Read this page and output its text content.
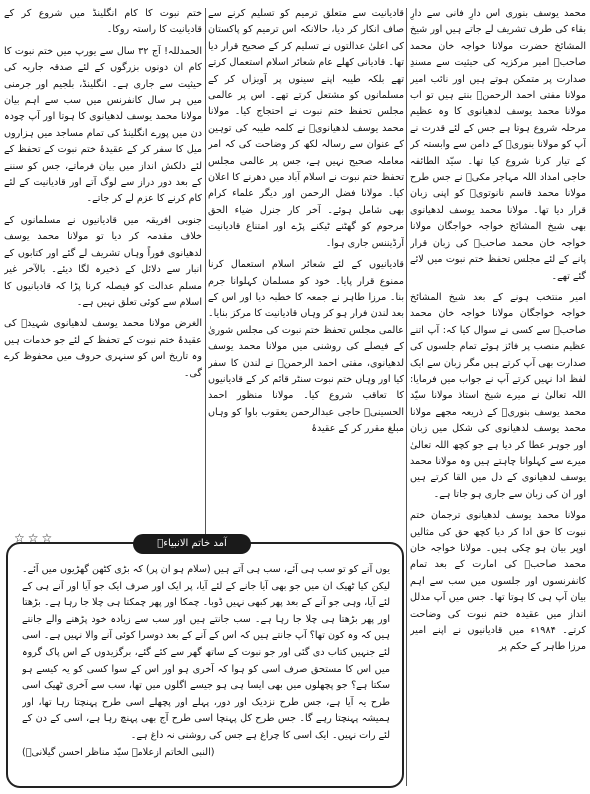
محمد یوسف بنوری اس دارِ فانی سے دارِ بقاء کی طرف تشریف لے جاتے ہیں اور شیخ المشائخ حضرت مولانا خواجہ خان محمد صاحبؒ امیر مرکزیہ کی حیثیت سے مسندِ صدارت پر متمکن ہوتے ہیں اور نائب امیر مولانا مفتی احمد الرحمنؒ بنتے ہیں تو اب مولانا محمد یوسف لدھیانوی کا وہ عظیم مرحلہ شروع ہوتا ہے جس کے لئے قدرت نے آپ کو مولانا بنوریؒ کے دامن سے وابستہ کر کے تیار کرنا شروع کیا تھا۔ سیّد الطائفہ حاجی امداد اللہ مہاجر مکیؒ نے جس طرح مولانا محمد قاسم نانوتویؒ کو اپنی زبان قرار دیا تھا۔ مولانا محمد یوسف لدھیانوی بھی شیخ المشائخ خواجہ خواجگان مولانا خواجہ خان محمد صاحبؒ کی زبان قرار پانے کے لئے مجلس تحفظ ختم نبوت میں لائے گئے تھے۔

امیر منتخب ہونے کے بعد شیخ المشائخ خواجہ خواجگان مولانا خواجہ خان محمد صاحبؒ سے کسی نے سوال کیا کہ: آپ اتنے عظیم منصب پر فائز ہوئے تمام جلسوں کی صدارت بھی آپ کرتے ہیں مگر زبان سے ایک لفظ ادا نہیں کرتے آپ نے جواب میں فرمایا: اللہ تعالیٰ نے میرے شیخ استاذ مولانا سیّد محمد یوسف بنوریؒ کے ذریعہ مجھے مولانا محمد یوسف لدھیانوی کی شکل میں زبان اور جوہر عطا کر دیا ہے جو کچھ اللہ تعالیٰ میرے سے کہلوانا چاہتے ہیں وہ مولانا محمد یوسف لدھیانوی کے دل میں القا کرتے ہیں اور ان کی زبان سے جاری ہو جاتا ہے۔

مولانا محمد یوسف لدھیانوی ترجمان ختم نبوت کا حق ادا کر دیا کچھ حق کی مثالیں اوپر بیان ہو چکی ہیں۔ مولانا خواجہ خان محمد صاحبؒ کی امارت کے بعد تمام کانفرنسوں اور جلسوں میں سب سے اہم بیان آپ ہی کا ہوتا تھا۔ جس میں آپ مدلل انداز میں عقیدہ ختم نبوت کی وضاحت کرتے۔ ۱۹۸۴ء میں قادیانیوں نے اپنے امیر مرزا طاہر کے حکم پر

قادیانیت سے متعلق ترمیم کو تسلیم کرنے سے صاف انکار کر دیا، حالانکہ اس ترمیم کو پاکستان کی اعلیٰ عدالتوں نے تسلیم کر کے صحیح قرار دیا تھا۔ قادیانی کھلے عام شعائر اسلام استعمال کرتے تھے بلکہ طیبہ اپنے سینوں پر آویزاں کر کے مسلمانوں کو مشتعل کرتے تھے۔ اس پر عالمی مجلس تحفظ ختم نبوت نے احتجاج کیا۔ مولانا محمد یوسف لدھیانویؒ نے کلمہ طیبہ کی توہین کے عنوان سے رسالہ لکھ کر وضاحت کی کہ امر معاملہ صحیح نہیں ہے، جس پر عالمی مجلس تحفظ ختم نبوت نے اسلام آباد میں دھرنے کا اعلان کیا۔ مولانا فضل الرحمن اور دیگر علماء کرام بھی شامل ہوئے۔ آخر کار جنرل ضیاء الحق مرحوم کو گھٹنے ٹیکنے پڑے اور امتناع قادیانیت آرڈیننس جاری ہوا۔

قادیانیوں کے لئے شعائر اسلام استعمال کرنا ممنوع قرار پایا۔ خود کو مسلمان کہلوانا جرم بنا۔ مرزا طاہر نے جمعہ کا خطبہ دیا اور اس کے بعد لندن فرار ہو کر وہاں قادیانیت کا مرکز بنایا۔ عالمی مجلس تحفظ ختم نبوت کی مجلس شوریٰ کے فیصلے کی روشنی میں مولانا محمد یوسف لدھیانوی، مفتی احمد الرحمنؒ نے لندن کا سفر کیا اور وہاں ختم نبوت سنٹر قائم کر کے قادیانیوں کا تعاقب شروع کیا۔ مولانا منظور احمد الحسینیؒ حاجی عبدالرحمن یعقوب باوا کو وہاں مبلغ مقرر کر کے عقیدۂ

ختم نبوت کا کام انگلینڈ میں شروع کر کے قادیانیت کا راستہ روکا۔

الحمدللہ! آج ۳۲ سال سے یورپ میں ختم نبوت کا کام ان دونوں بزرگوں کے لئے صدقہ جاریہ کی حیثیت سے جاری ہے۔ انگلینڈ، بلجیم اور جرمنی میں ہر سال کانفرنس میں سب سے اہم بیان مولانا محمد یوسف لدھیانوی کا ہوتا اور آپ چودہ دن میں پورے انگلینڈ کی تمام مساجد میں ہزاروں میل کا سفر کر کے عقیدۂ ختم نبوت کے تحفظ کے لئے دلکش انداز میں بیان فرماتے، جس کو سننے کے بعد دور دراز سے لوگ آتے اور قادیانیت کے لئے کام کرنے کا عزم لے کر جاتے۔

جنوبی افریقہ میں قادیانیوں نے مسلمانوں کے خلاف مقدمہ کر دیا تو مولانا محمد یوسف لدھیانوی فوراً وہاں تشریف لے گئے اور کتابوں کے انبار سے دلائل کے ذخیرہ لگا دیئے۔ بالآخر غیر مسلم عدالت کو فیصلہ کرنا پڑا کہ قادیانیوں کا اسلام سے کوئی تعلق نہیں ہے۔

الغرض مولانا محمد یوسف لدھیانوی شہیدؒ کی عقیدۂ ختم نبوت کے تحفظ کے لئے جو خدمات ہیں وہ تاریخ اس کو سنہری حروف میں محفوظ کرے گی۔

☆☆☆	آمد خاتم الانبیاءؐ
یوں آنے کو تو سب ہی آئے، سب ہی آتے ہیں (سلام ہو ان پر) کہ بڑی کٹھن گھڑیوں میں آئے۔ لیکن کیا ٹھیک ان میں جو بھی آیا جانے کے لئے آیا، پر ایک اور صرف ایک جو آیا اور آنے ہی کے لئے آیا، وہی جو آنے کے بعد پھر کبھی نہیں ڈوبا۔ چمکا اور پھر چمکتا ہی چلا جا رہا ہے۔ بڑھتا اور پھر بڑھتا ہی چلا جا رہا ہے۔ سب جانتے ہیں اور سب سے زیادہ خود پڑھنے والے جانتے ہیں کہ وہ کون تھا؟ آپ جانتے ہیں کہ اس کے آنے کے بعد دوسرا کوئی آنے والا نہیں ہے۔ اسی لئے جنہیں کتاب دی گئی اور جو نبوت کے ساتھ گھر سے کئے گئے، برگزیدوں کے اس پاک گروہ میں اس کا مستحق صرف اسی کو ہوا کہ آخری ہو اور اس کے سوا کسی کو یہ کیسے ہو سکتا ہے؟ جو پچھلوں میں بھی ایسا ہی ہو جیسے اگلوں میں تھا، سب سے آخری ٹھیک اسی طرح یہ آیا ہے، جس طرح نزدیک اور دور، پہلے اور پچھلے اسی طرح پہنچتا رہا تھا، اور ہمیشہ پہنچتا رہے گا۔ جس طرح کل پہنچا اسی طرح آج بھی پہنچ رہا ہے، اسی کے دن کے لئے رات نہیں۔ ایک اسی کا چراغ ہے جس کی روشنی نہ داغ ہے۔
(النبی الخاتم ازعلامہ سیّد مناظر احسن گیلانیؒ)
